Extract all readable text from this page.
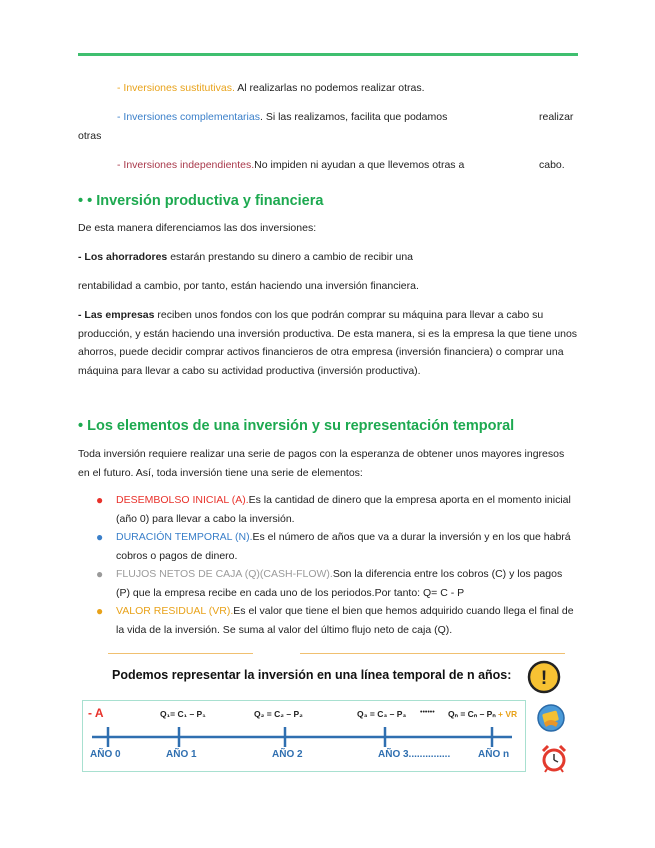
- Inversiones sustitutivas. Al realizarlas no podemos realizar otras.
- Inversiones complementarias. Si las realizamos, facilita que podamos	realizar
otras
- Inversiones independientes.No impiden ni ayudan a que llevemos otras a	cabo.
• • Inversión productiva y financiera
De esta manera diferenciamos las dos inversiones:
- Los ahorradores estarán prestando su dinero a cambio de recibir una
rentabilidad a cambio, por tanto, están haciendo una inversión financiera.
- Las empresas reciben unos fondos con los que podrán comprar su máquina para llevar a cabo su producción, y están haciendo una inversión productiva. De esta manera, si es la empresa la que tiene unos ahorros, puede decidir comprar activos financieros de otra empresa (inversión financiera) o comprar una máquina para llevar a cabo su actividad productiva (inversión productiva).
• Los elementos de una inversión y su representación temporal
Toda inversión requiere realizar una serie de pagos con la esperanza de obtener unos mayores ingresos en el futuro. Así, toda inversión tiene una serie de elementos:
● DESEMBOLSO INICIAL (A).Es la cantidad de dinero que la empresa aporta en el momento inicial (año 0) para llevar a cabo la inversión.
● DURACIÓN TEMPORAL (N).Es el número de años que va a durar la inversión y en los que habrá cobros o pagos de dinero.
● FLUJOS NETOS DE CAJA (Q)(CASH-FLOW).Son la diferencia entre los cobros (C) y los pagos (P) que la empresa recibe en cada uno de los periodos.Por tanto: Q= C - P
● VALOR RESIDUAL (VR).Es el valor que tiene el bien que hemos adquirido cuando llega el final de la vida de la inversión. Se suma al valor del último flujo neto de caja (Q).
Podemos representar la inversión en una línea temporal de n años: !
- A	Q₁= C₁ – P₁	Q₂ = C₂ – P₂	Q₃ = C₃ – P₃ •••••• Qₙ = Cₙ – Pₙ + VR
AÑO 0	AÑO 1	AÑO 2	AÑO 3...............	AÑO n
